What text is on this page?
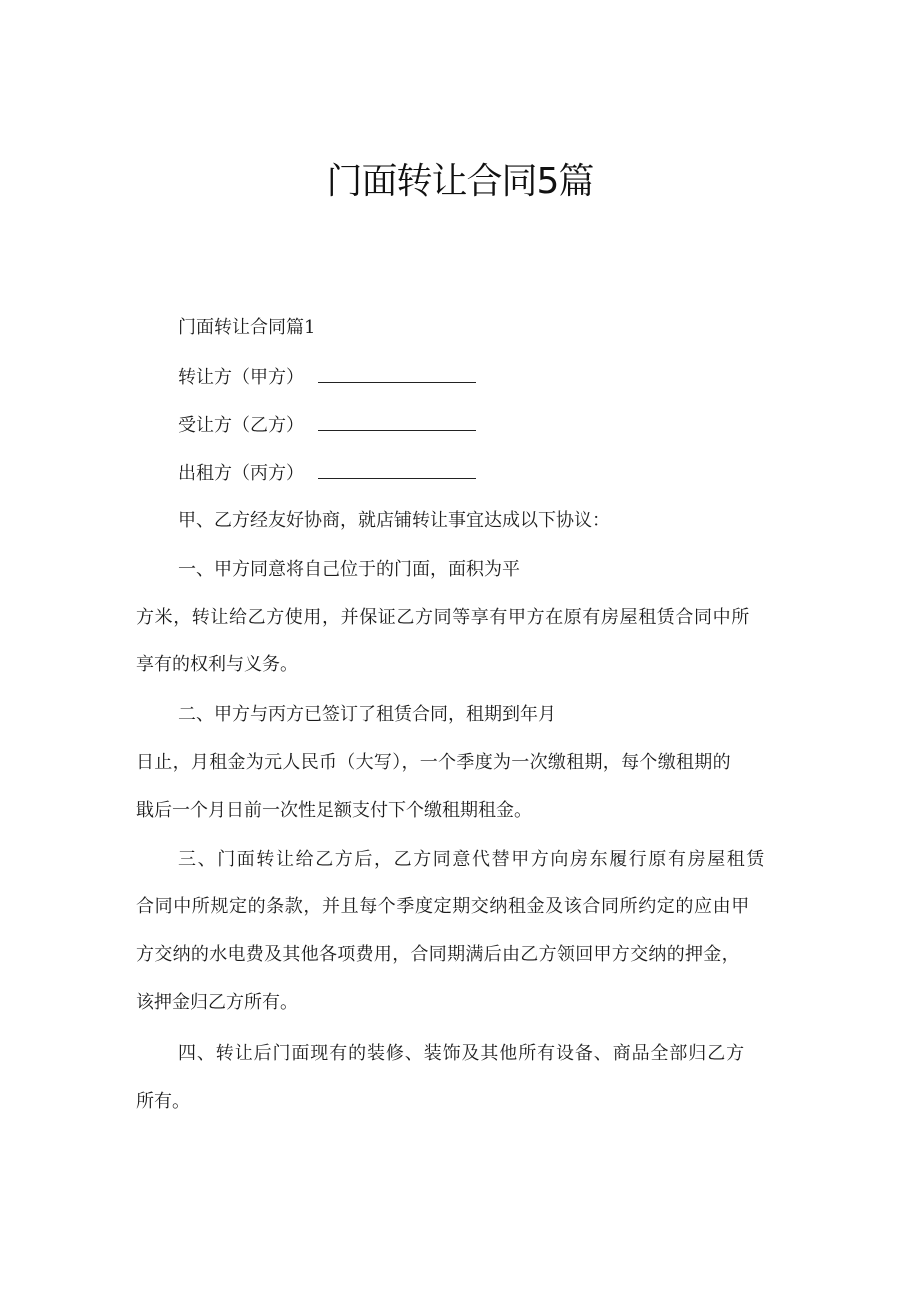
门面转让合同5篇
门面转让合同篇1
转让方（甲方）
受让方（乙方）
出租方（丙方）
甲、乙方经友好协商，就店铺转让事宜达成以下协议：
一、甲方同意将自己位于的门面，面积为平
方米，转让给乙方使用，并保证乙方同等享有甲方在原有房屋租赁合同中所
享有的权利与义务。
二、甲方与丙方已签订了租赁合同，租期到年月
日止，月租金为元人民币（大写），一个季度为一次缴租期，每个缴租期的
戢后一个月日前一次性足额支付下个缴租期租金。
三、门面转让给乙方后，乙方同意代替甲方向房东履行原有房屋租赁
合同中所规定的条款，并且每个季度定期交纳租金及该合同所约定的应由甲
方交纳的水电费及其他各项费用，合同期满后由乙方领回甲方交纳的押金，
该押金归乙方所有。
四、转让后门面现有的装修、装饰及其他所有设备、商品全部归乙方
所有。
